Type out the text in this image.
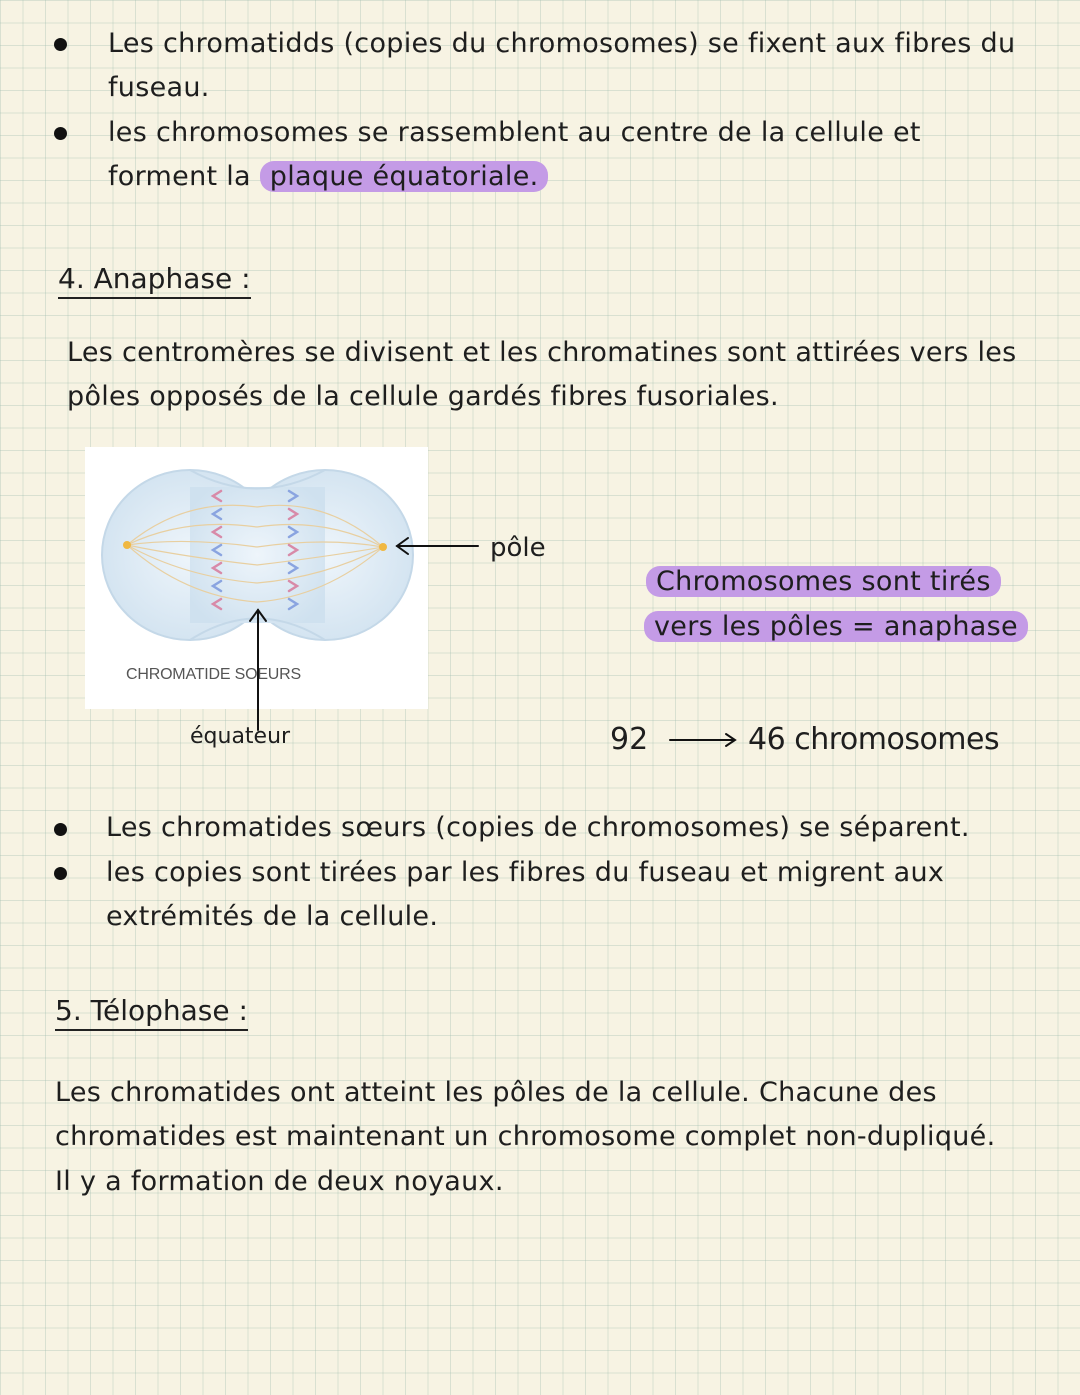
Les chromatidds (copies du chromosomes) se fixent aux fibres du
fuseau.
les chromosomes se rassemblent au centre de la cellule et
forment la plaque équatoriale.
4. Anaphase :
Les centromères se divisent et les chromatines sont attirées vers les
pôles opposés de la cellule gardés fibres fusoriales.
CHROMATIDE SOEURS
pôle
équateur
Chromosomes sont tirés
vers les pôles = anaphase
92	46 chromosomes
Les chromatides sœurs (copies de chromosomes) se séparent.
les copies sont tirées par les fibres du fuseau et migrent aux
extrémités de la cellule.
5. Télophase :
Les chromatides ont atteint les pôles de la cellule. Chacune des
chromatides est maintenant un chromosome complet non-dupliqué.
Il y a formation de deux noyaux.
